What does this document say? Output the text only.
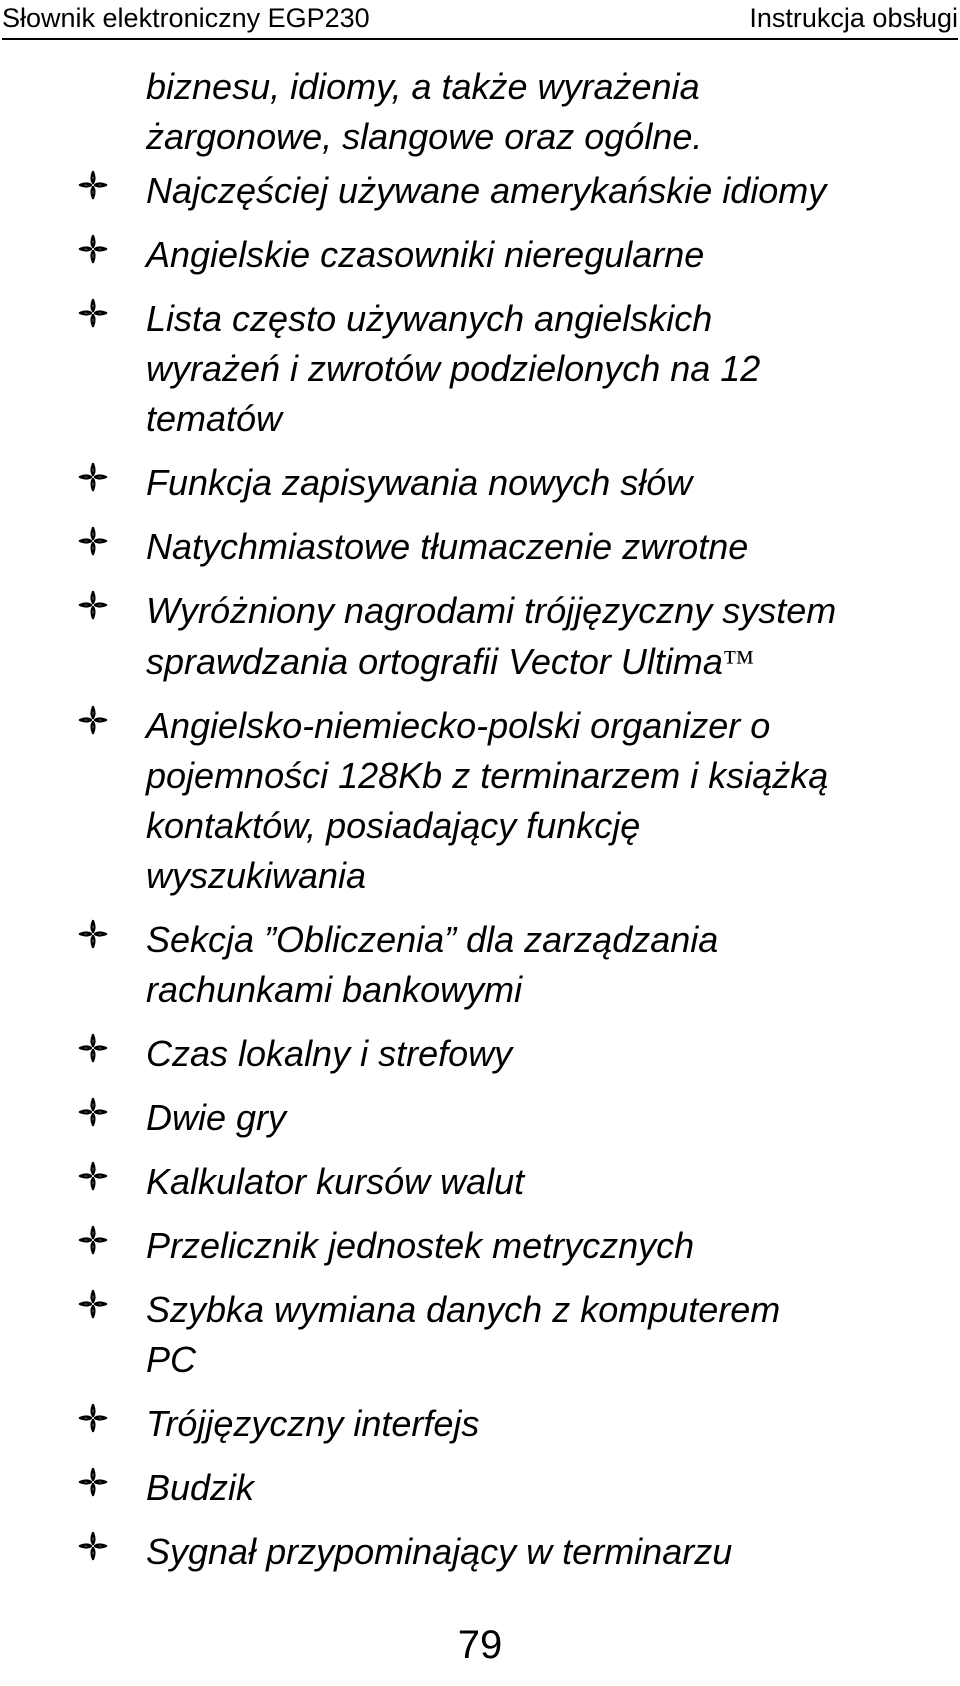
Słownik elektroniczny EGP230	Instrukcja obsługi
biznesu, idiomy, a także wyrażenia
żargonowe, slangowe oraz ogólne.
Najczęściej używane amerykańskie idiomy
Angielskie czasowniki nieregularne
Lista często używanych angielskich
wyrażeń i zwrotów podzielonych na 12
tematów
Funkcja zapisywania nowych słów
Natychmiastowe tłumaczenie zwrotne
Wyróżniony nagrodami trójjęzyczny system
sprawdzania ortografii Vector Ultima™
Angielsko-niemiecko-polski organizer o
pojemności 128Kb z terminarzem i książką
kontaktów, posiadający funkcję
wyszukiwania
Sekcja ”Obliczenia” dla zarządzania
rachunkami bankowymi
Czas lokalny i strefowy
Dwie gry
Kalkulator kursów walut
Przelicznik jednostek metrycznych
Szybka wymiana danych z komputerem
PC
Trójjęzyczny interfejs
Budzik
Sygnał przypominający w terminarzu
79
